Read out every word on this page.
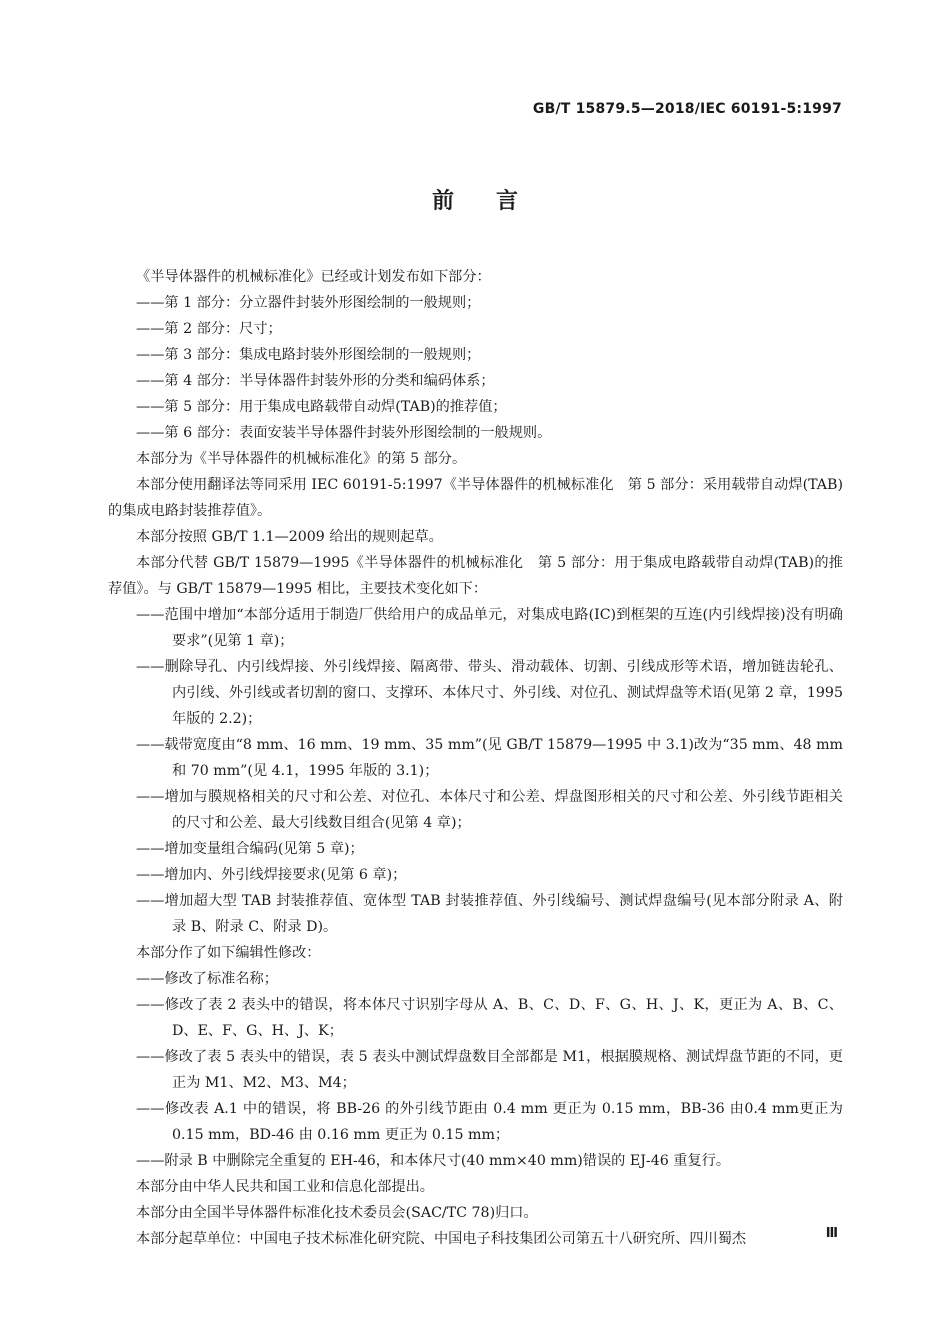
GB/T 15879.5—2018/IEC 60191-5:1997
前言

《半导体器件的机械标准化》已经或计划发布如下部分：

——第 1 部分：分立器件封装外形图绘制的一般规则；

——第 2 部分：尺寸；

——第 3 部分：集成电路封装外形图绘制的一般规则；

——第 4 部分：半导体器件封装外形的分类和编码体系；

——第 5 部分：用于集成电路载带自动焊(TAB)的推荐值；

——第 6 部分：表面安装半导体器件封装外形图绘制的一般规则。

本部分为《半导体器件的机械标准化》的第 5 部分。

本部分使用翻译法等同采用 IEC 60191-5:1997《半导体器件的机械标准化　第 5 部分：采用载带自动焊(TAB)的集成电路封装推荐值》。

本部分按照 GB/T 1.1—2009 给出的规则起草。

本部分代替 GB/T 15879—1995《半导体器件的机械标准化　第 5 部分：用于集成电路载带自动焊(TAB)的推荐值》。与 GB/T 15879—1995 相比，主要技术变化如下：

——范围中增加“本部分适用于制造厂供给用户的成品单元，对集成电路(IC)到框架的互连(内引线焊接)没有明确要求”(见第 1 章)；

——删除导孔、内引线焊接、外引线焊接、隔离带、带头、滑动载体、切割、引线成形等术语，增加链齿轮孔、内引线、外引线或者切割的窗口、支撑环、本体尺寸、外引线、对位孔、测试焊盘等术语(见第 2 章，1995 年版的 2.2)；

——载带宽度由“8 mm、16 mm、19 mm、35 mm”(见 GB/T 15879—1995 中 3.1)改为“35 mm、48 mm和 70 mm”(见 4.1，1995 年版的 3.1)；

——增加与膜规格相关的尺寸和公差、对位孔、本体尺寸和公差、焊盘图形相关的尺寸和公差、外引线节距相关的尺寸和公差、最大引线数目组合(见第 4 章)；

——增加变量组合编码(见第 5 章)；

——增加内、外引线焊接要求(见第 6 章)；

——增加超大型 TAB 封装推荐值、宽体型 TAB 封装推荐值、外引线编号、测试焊盘编号(见本部分附录 A、附录 B、附录 C、附录 D)。

本部分作了如下编辑性修改：

——修改了标准名称；

——修改了表 2 表头中的错误，将本体尺寸识别字母从 A、B、C、D、F、G、H、J、K，更正为 A、B、C、D、E、F、G、H、J、K；

——修改了表 5 表头中的错误，表 5 表头中测试焊盘数目全部都是 M1，根据膜规格、测试焊盘节距的不同，更正为 M1、M2、M3、M4；

——修改表 A.1 中的错误，将 BB-26 的外引线节距由 0.4 mm 更正为 0.15 mm，BB-36 由0.4 mm更正为 0.15 mm，BD-46 由 0.16 mm 更正为 0.15 mm；

——附录 B 中删除完全重复的 EH-46，和本体尺寸(40 mm×40 mm)错误的 EJ-46 重复行。

本部分由中华人民共和国工业和信息化部提出。

本部分由全国半导体器件标准化技术委员会(SAC/TC 78)归口。

本部分起草单位：中国电子技术标准化研究院、中国电子科技集团公司第五十八研究所、四川蜀杰	Ⅲ
